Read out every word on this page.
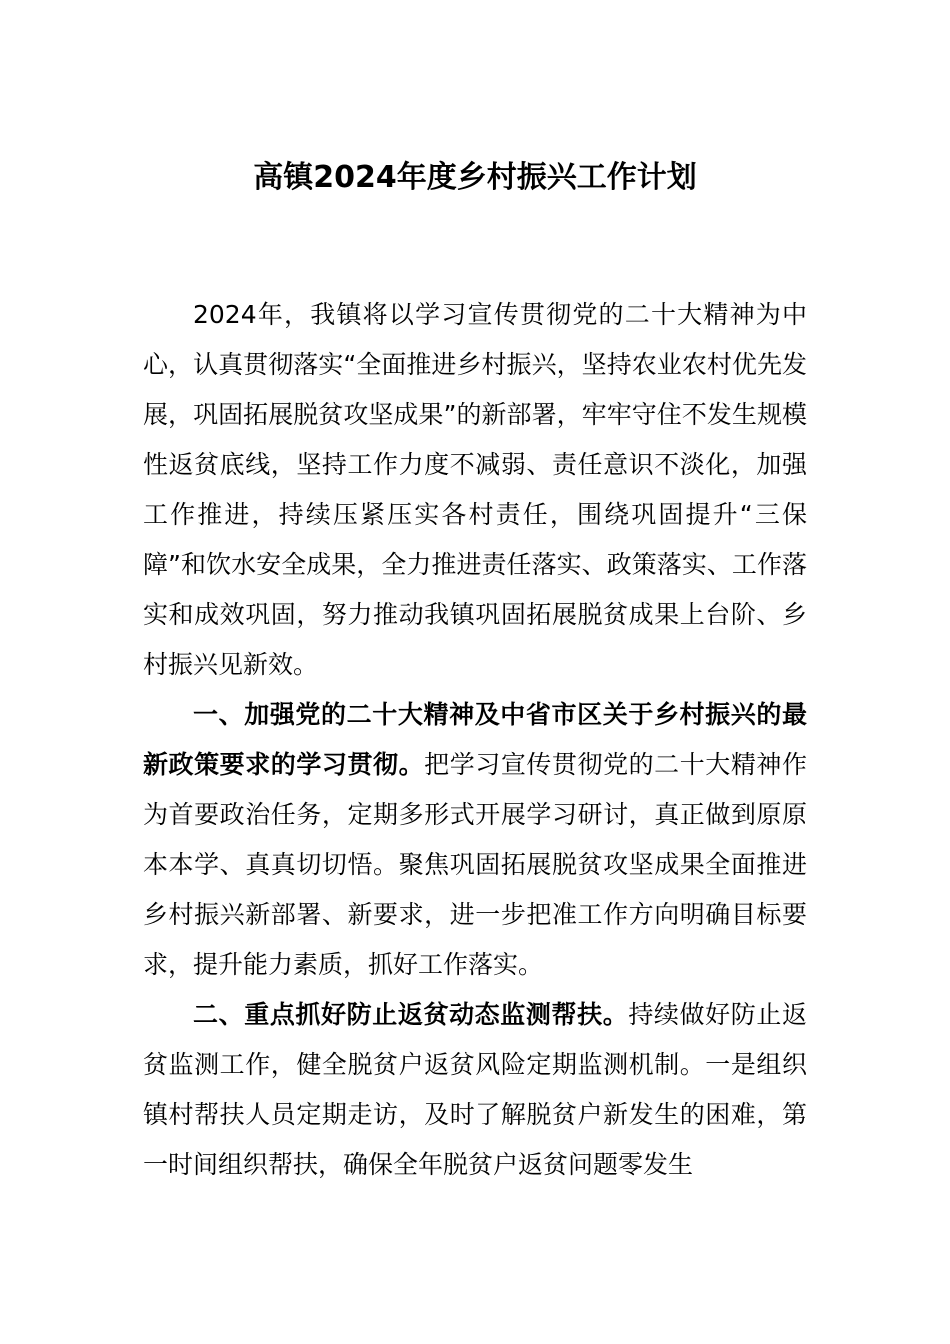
高镇2024年度乡村振兴工作计划

2024年，我镇将以学习宣传贯彻党的二十大精神为中心，认真贯彻落实“全面推进乡村振兴，坚持农业农村优先发展，巩固拓展脱贫攻坚成果”的新部署，牢牢守住不发生规模性返贫底线，坚持工作力度不减弱、责任意识不淡化，加强工作推进，持续压紧压实各村责任，围绕巩固提升“三保障”和饮水安全成果，全力推进责任落实、政策落实、工作落实和成效巩固，努力推动我镇巩固拓展脱贫成果上台阶、乡村振兴见新效。

一、加强党的二十大精神及中省市区关于乡村振兴的最新政策要求的学习贯彻。把学习宣传贯彻党的二十大精神作为首要政治任务，定期多形式开展学习研讨，真正做到原原本本学、真真切切悟。聚焦巩固拓展脱贫攻坚成果全面推进乡村振兴新部署、新要求，进一步把准工作方向明确目标要求，提升能力素质，抓好工作落实。

二、重点抓好防止返贫动态监测帮扶。持续做好防止返贫监测工作，健全脱贫户返贫风险定期监测机制。一是组织镇村帮扶人员定期走访，及时了解脱贫户新发生的困难，第一时间组织帮扶，确保全年脱贫户返贫问题零发生
